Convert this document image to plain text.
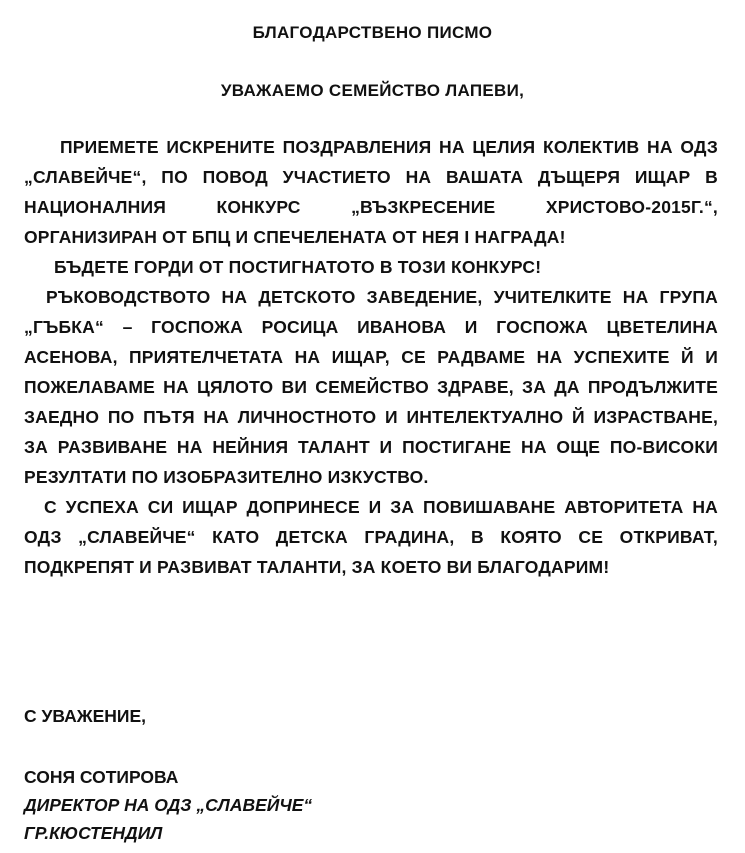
БЛАГОДАРСТВЕНО ПИСМО
УВАЖАЕМО СЕМЕЙСТВО ЛАПЕВИ,

ПРИЕМЕТЕ ИСКРЕНИТЕ ПОЗДРАВЛЕНИЯ НА ЦЕЛИЯ КОЛЕКТИВ НА ОДЗ „СЛАВЕЙЧЕ“, ПО ПОВОД УЧАСТИЕТО НА ВАШАТА ДЪЩЕРЯ ИЩАР В НАЦИОНАЛНИЯ КОНКУРС „ВЪЗКРЕСЕНИЕ ХРИСТОВО-2015Г.“, ОРГАНИЗИРАН ОТ БПЦ И СПЕЧЕЛЕНАТА ОТ НЕЯ I НАГРАДА!

БЪДЕТЕ ГОРДИ ОТ ПОСТИГНАТОТО В ТОЗИ КОНКУРС!

РЪКОВОДСТВОТО НА ДЕТСКОТО ЗАВЕДЕНИЕ, УЧИТЕЛКИТЕ НА ГРУПА „ГЪБКА“ – ГОСПОЖА РОСИЦА ИВАНОВА И ГОСПОЖА ЦВЕТЕЛИНА АСЕНОВА, ПРИЯТЕЛЧЕТАТА НА ИЩАР, СЕ РАДВАМЕ НА УСПЕХИТЕ Й И ПОЖЕЛАВАМЕ НА ЦЯЛОТО ВИ СЕМЕЙСТВО ЗДРАВЕ, ЗА ДА ПРОДЪЛЖИТЕ ЗАЕДНО ПО ПЪТЯ НА ЛИЧНОСТНОТО И ИНТЕЛЕКТУАЛНО Й ИЗРАСТВАНЕ, ЗА РАЗВИВАНЕ НА НЕЙНИЯ ТАЛАНТ И ПОСТИГАНЕ НА ОЩЕ ПО-ВИСОКИ РЕЗУЛТАТИ ПО ИЗОБРАЗИТЕЛНО ИЗКУСТВО.

С УСПЕХА СИ ИЩАР ДОПРИНЕСЕ И ЗА ПОВИШАВАНЕ АВТОРИТЕТА НА ОДЗ „СЛАВЕЙЧЕ“ КАТО ДЕТСКА ГРАДИНА, В КОЯТО СЕ ОТКРИВАТ, ПОДКРЕПЯТ И РАЗВИВАТ ТАЛАНТИ, ЗА КОЕТО ВИ БЛАГОДАРИМ!

С УВАЖЕНИЕ,
СОНЯ СОТИРОВА
ДИРЕКТОР НА ОДЗ „СЛАВЕЙЧЕ“
ГР.КЮСТЕНДИЛ
